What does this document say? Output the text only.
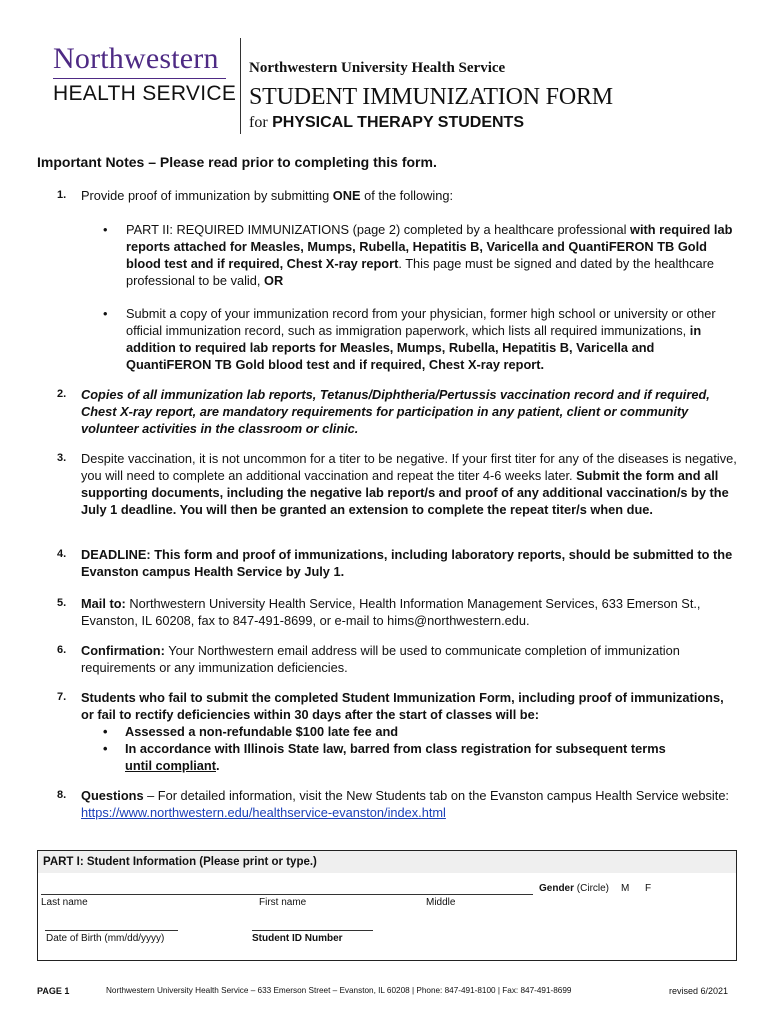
Northwestern
HEALTH SERVICE
Northwestern University Health Service
STUDENT IMMUNIZATION FORM
for PHYSICAL THERAPY STUDENTS
Important Notes – Please read prior to completing this form.
1. Provide proof of immunization by submitting ONE of the following:
• PART II: REQUIRED IMMUNIZATIONS (page 2) completed by a healthcare professional with required lab reports attached for Measles, Mumps, Rubella, Hepatitis B, Varicella and QuantiFERON TB Gold blood test and if required, Chest X-ray report. This page must be signed and dated by the healthcare professional to be valid, OR
• Submit a copy of your immunization record from your physician, former high school or university or other official immunization record, such as immigration paperwork, which lists all required immunizations, in addition to required lab reports for Measles, Mumps, Rubella, Hepatitis B, Varicella and QuantiFERON TB Gold blood test and if required, Chest X-ray report.
2. Copies of all immunization lab reports, Tetanus/Diphtheria/Pertussis vaccination record and if required, Chest X-ray report, are mandatory requirements for participation in any patient, client or community volunteer activities in the classroom or clinic.
3. Despite vaccination, it is not uncommon for a titer to be negative. If your first titer for any of the diseases is negative, you will need to complete an additional vaccination and repeat the titer 4-6 weeks later. Submit the form and all supporting documents, including the negative lab report/s and proof of any additional vaccination/s by the July 1 deadline. You will then be granted an extension to complete the repeat titer/s when due.
4. DEADLINE: This form and proof of immunizations, including laboratory reports, should be submitted to the Evanston campus Health Service by July 1.
5. Mail to: Northwestern University Health Service, Health Information Management Services, 633 Emerson St., Evanston, IL 60208, fax to 847-491-8699, or e-mail to hims@northwestern.edu.
6. Confirmation: Your Northwestern email address will be used to communicate completion of immunization requirements or any immunization deficiencies.
7. Students who fail to submit the completed Student Immunization Form, including proof of immunizations, or fail to rectify deficiencies within 30 days after the start of classes will be:
• Assessed a non-refundable $100 late fee and
• In accordance with Illinois State law, barred from class registration for subsequent terms
until compliant.
8. Questions – For detailed information, visit the New Students tab on the Evanston campus Health Service website: https://www.northwestern.edu/healthservice-evanston/index.html
PART I: Student Information (Please print or type.)
Gender (Circle) M F
Last name	First name	Middle
Date of Birth (mm/dd/yyyy)	Student ID Number
PAGE 1	Northwestern University Health Service – 633 Emerson Street – Evanston, IL 60208 | Phone: 847-491-8100 | Fax: 847-491-8699	revised 6/2021
